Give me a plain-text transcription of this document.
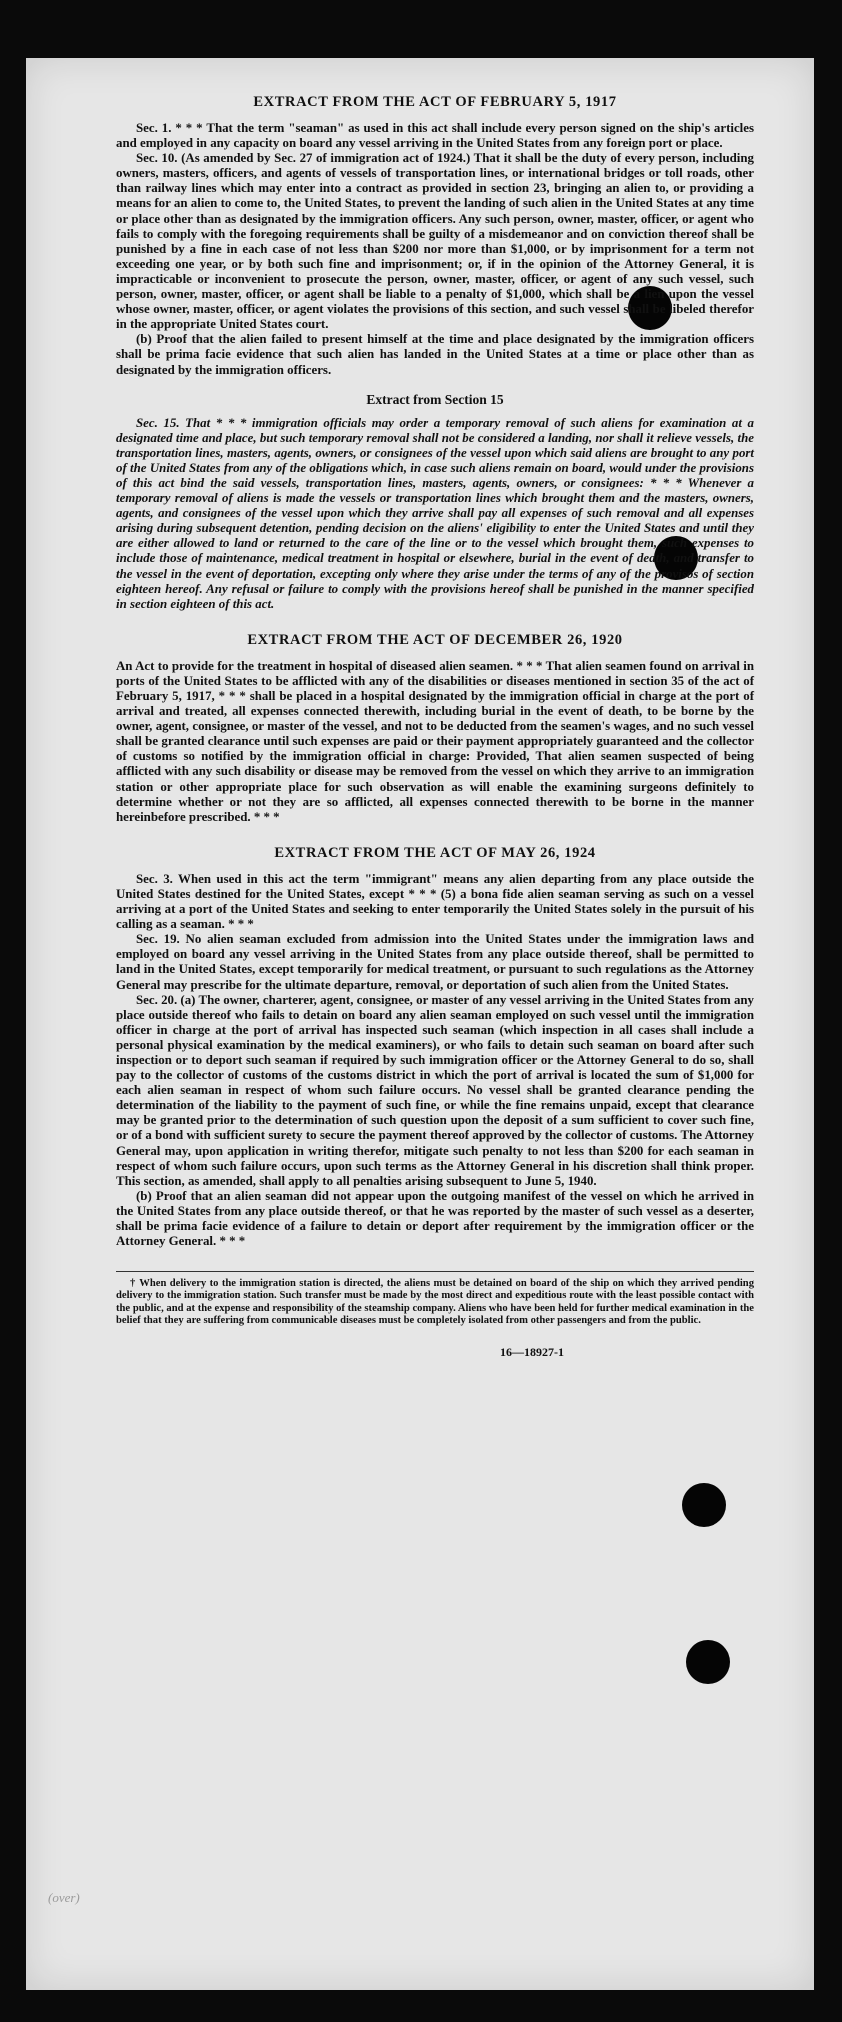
(over)
EXTRACT FROM THE ACT OF FEBRUARY 5, 1917

Sec. 1. * * * That the term "seaman" as used in this act shall include every person signed on the ship's articles and employed in any capacity on board any vessel arriving in the United States from any foreign port or place.

Sec. 10. (As amended by Sec. 27 of immigration act of 1924.) That it shall be the duty of every person, including owners, masters, officers, and agents of vessels of transportation lines, or international bridges or toll roads, other than railway lines which may enter into a contract as provided in section 23, bringing an alien to, or providing a means for an alien to come to, the United States, to prevent the landing of such alien in the United States at any time or place other than as designated by the immigration officers. Any such person, owner, master, officer, or agent who fails to comply with the foregoing requirements shall be guilty of a misdemeanor and on conviction thereof shall be punished by a fine in each case of not less than $200 nor more than $1,000, or by imprisonment for a term not exceeding one year, or by both such fine and imprisonment; or, if in the opinion of the Attorney General, it is impracticable or inconvenient to prosecute the person, owner, master, officer, or agent of any such vessel, such person, owner, master, officer, or agent shall be liable to a penalty of $1,000, which shall be a lien upon the vessel whose owner, master, officer, or agent violates the provisions of this section, and such vessel shall be libeled therefor in the appropriate United States court.

(b) Proof that the alien failed to present himself at the time and place designated by the immigration officers shall be prima facie evidence that such alien has landed in the United States at a time or place other than as designated by the immigration officers.

Extract from Section 15

Sec. 15. That * * * immigration officials may order a temporary removal of such aliens for examination at a designated time and place, but such temporary removal shall not be considered a landing, nor shall it relieve vessels, the transportation lines, masters, agents, owners, or consignees of the vessel upon which said aliens are brought to any port of the United States from any of the obligations which, in case such aliens remain on board, would under the provisions of this act bind the said vessels, transportation lines, masters, agents, owners, or consignees: * * * Whenever a temporary removal of aliens is made the vessels or transportation lines which brought them and the masters, owners, agents, and consignees of the vessel upon which they arrive shall pay all expenses of such removal and all expenses arising during subsequent detention, pending decision on the aliens' eligibility to enter the United States and until they are either allowed to land or returned to the care of the line or to the vessel which brought them, such expenses to include those of maintenance, medical treatment in hospital or elsewhere, burial in the event of death, and transfer to the vessel in the event of deportation, excepting only where they arise under the terms of any of the provisos of section eighteen hereof. Any refusal or failure to comply with the provisions hereof shall be punished in the manner specified in section eighteen of this act.

EXTRACT FROM THE ACT OF DECEMBER 26, 1920

An Act to provide for the treatment in hospital of diseased alien seamen. * * * That alien seamen found on arrival in ports of the United States to be afflicted with any of the disabilities or diseases mentioned in section 35 of the act of February 5, 1917, * * * shall be placed in a hospital designated by the immigration official in charge at the port of arrival and treated, all expenses connected therewith, including burial in the event of death, to be borne by the owner, agent, consignee, or master of the vessel, and not to be deducted from the seamen's wages, and no such vessel shall be granted clearance until such expenses are paid or their payment appropriately guaranteed and the collector of customs so notified by the immigration official in charge: Provided, That alien seamen suspected of being afflicted with any such disability or disease may be removed from the vessel on which they arrive to an immigration station or other appropriate place for such observation as will enable the examining surgeons definitely to determine whether or not they are so afflicted, all expenses connected therewith to be borne in the manner hereinbefore prescribed. * * *

EXTRACT FROM THE ACT OF MAY 26, 1924

Sec. 3. When used in this act the term "immigrant" means any alien departing from any place outside the United States destined for the United States, except * * * (5) a bona fide alien seaman serving as such on a vessel arriving at a port of the United States and seeking to enter temporarily the United States solely in the pursuit of his calling as a seaman. * * *

Sec. 19. No alien seaman excluded from admission into the United States under the immigration laws and employed on board any vessel arriving in the United States from any place outside thereof, shall be permitted to land in the United States, except temporarily for medical treatment, or pursuant to such regulations as the Attorney General may prescribe for the ultimate departure, removal, or deportation of such alien from the United States.

Sec. 20. (a) The owner, charterer, agent, consignee, or master of any vessel arriving in the United States from any place outside thereof who fails to detain on board any alien seaman employed on such vessel until the immigration officer in charge at the port of arrival has inspected such seaman (which inspection in all cases shall include a personal physical examination by the medical examiners), or who fails to detain such seaman on board after such inspection or to deport such seaman if required by such immigration officer or the Attorney General to do so, shall pay to the collector of customs of the customs district in which the port of arrival is located the sum of $1,000 for each alien seaman in respect of whom such failure occurs. No vessel shall be granted clearance pending the determination of the liability to the payment of such fine, or while the fine remains unpaid, except that clearance may be granted prior to the determination of such question upon the deposit of a sum sufficient to cover such fine, or of a bond with sufficient surety to secure the payment thereof approved by the collector of customs. The Attorney General may, upon application in writing therefor, mitigate such penalty to not less than $200 for each seaman in respect of whom such failure occurs, upon such terms as the Attorney General in his discretion shall think proper. This section, as amended, shall apply to all penalties arising subsequent to June 5, 1940.

(b) Proof that an alien seaman did not appear upon the outgoing manifest of the vessel on which he arrived in the United States from any place outside thereof, or that he was reported by the master of such vessel as a deserter, shall be prima facie evidence of a failure to detain or deport after requirement by the immigration officer or the Attorney General. * * *

† When delivery to the immigration station is directed, the aliens must be detained on board of the ship on which they arrived pending delivery to the immigration station. Such transfer must be made by the most direct and expeditious route with the least possible contact with the public, and at the expense and responsibility of the steamship company. Aliens who have been held for further medical examination in the belief that they are suffering from communicable diseases must be completely isolated from other passengers and from the public.

16—18927-1
